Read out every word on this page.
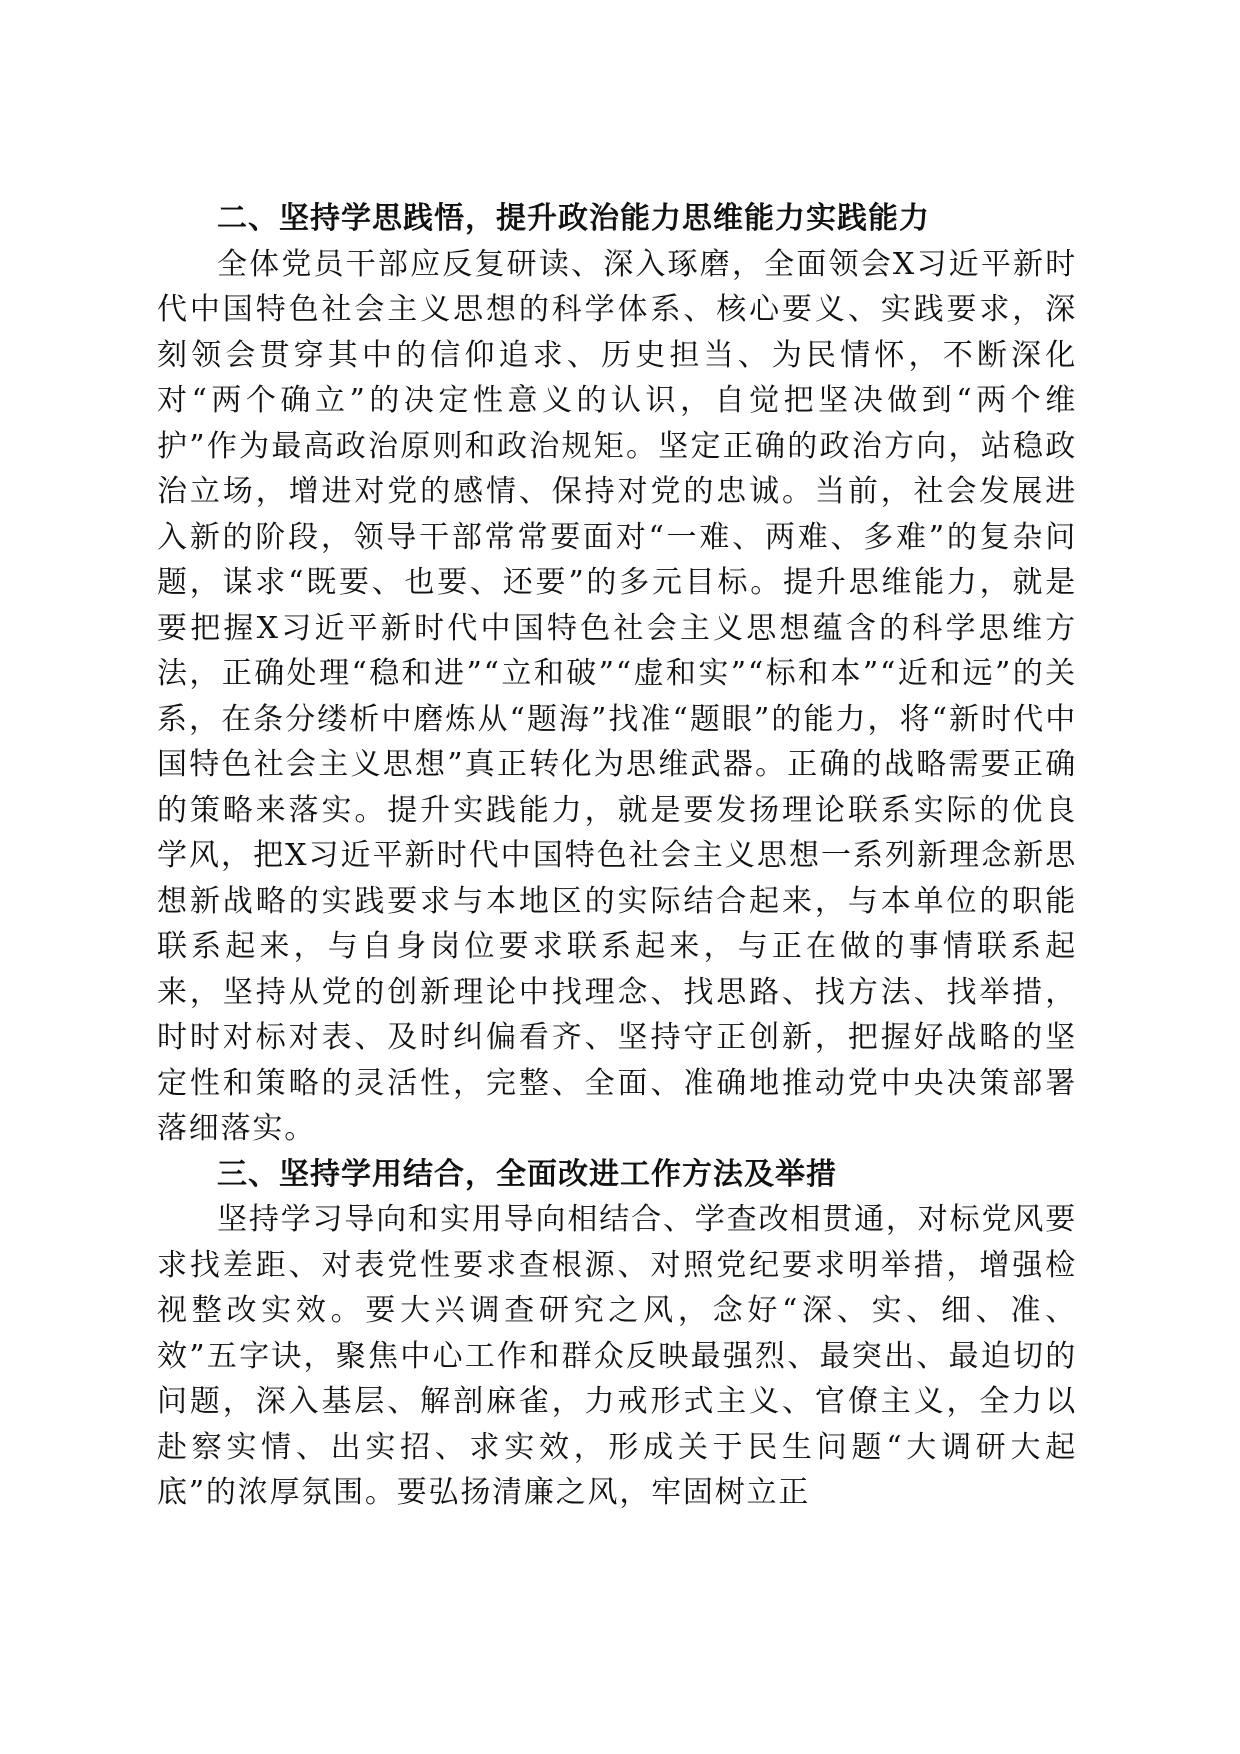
二、坚持学思践悟，提升政治能力思维能力实践能力

全体党员干部应反复研读、深入琢磨，全面领会X习近平新时代中国特色社会主义思想的科学体系、核心要义、实践要求，深刻领会贯穿其中的信仰追求、历史担当、为民情怀，不断深化对“两个确立”的决定性意义的认识，自觉把坚决做到“两个维护”作为最高政治原则和政治规矩。坚定正确的政治方向，站稳政治立场，增进对党的感情、保持对党的忠诚。当前，社会发展进入新的阶段，领导干部常常要面对“一难、两难、多难”的复杂问题，谋求“既要、也要、还要”的多元目标。提升思维能力，就是要把握X习近平新时代中国特色社会主义思想蕴含的科学思维方法，正确处理“稳和进”“立和破”“虚和实”“标和本”“近和远”的关系，在条分缕析中磨炼从“题海”找准“题眼”的能力，将“新时代中国特色社会主义思想”真正转化为思维武器。正确的战略需要正确的策略来落实。提升实践能力，就是要发扬理论联系实际的优良学风，把X习近平新时代中国特色社会主义思想一系列新理念新思想新战略的实践要求与本地区的实际结合起来，与本单位的职能联系起来，与自身岗位要求联系起来，与正在做的事情联系起来，坚持从党的创新理论中找理念、找思路、找方法、找举措，时时对标对表、及时纠偏看齐、坚持守正创新，把握好战略的坚定性和策略的灵活性，完整、全面、准确地推动党中央决策部署落细落实。

三、坚持学用结合，全面改进工作方法及举措

坚持学习导向和实用导向相结合、学查改相贯通，对标党风要求找差距、对表党性要求查根源、对照党纪要求明举措，增强检视整改实效。要大兴调查研究之风，念好“深、实、细、准、效”五字诀，聚焦中心工作和群众反映最强烈、最突出、最迫切的问题，深入基层、解剖麻雀，力戒形式主义、官僚主义，全力以赴察实情、出实招、求实效，形成关于民生问题“大调研大起底”的浓厚氛围。要弘扬清廉之风，牢固树立正
